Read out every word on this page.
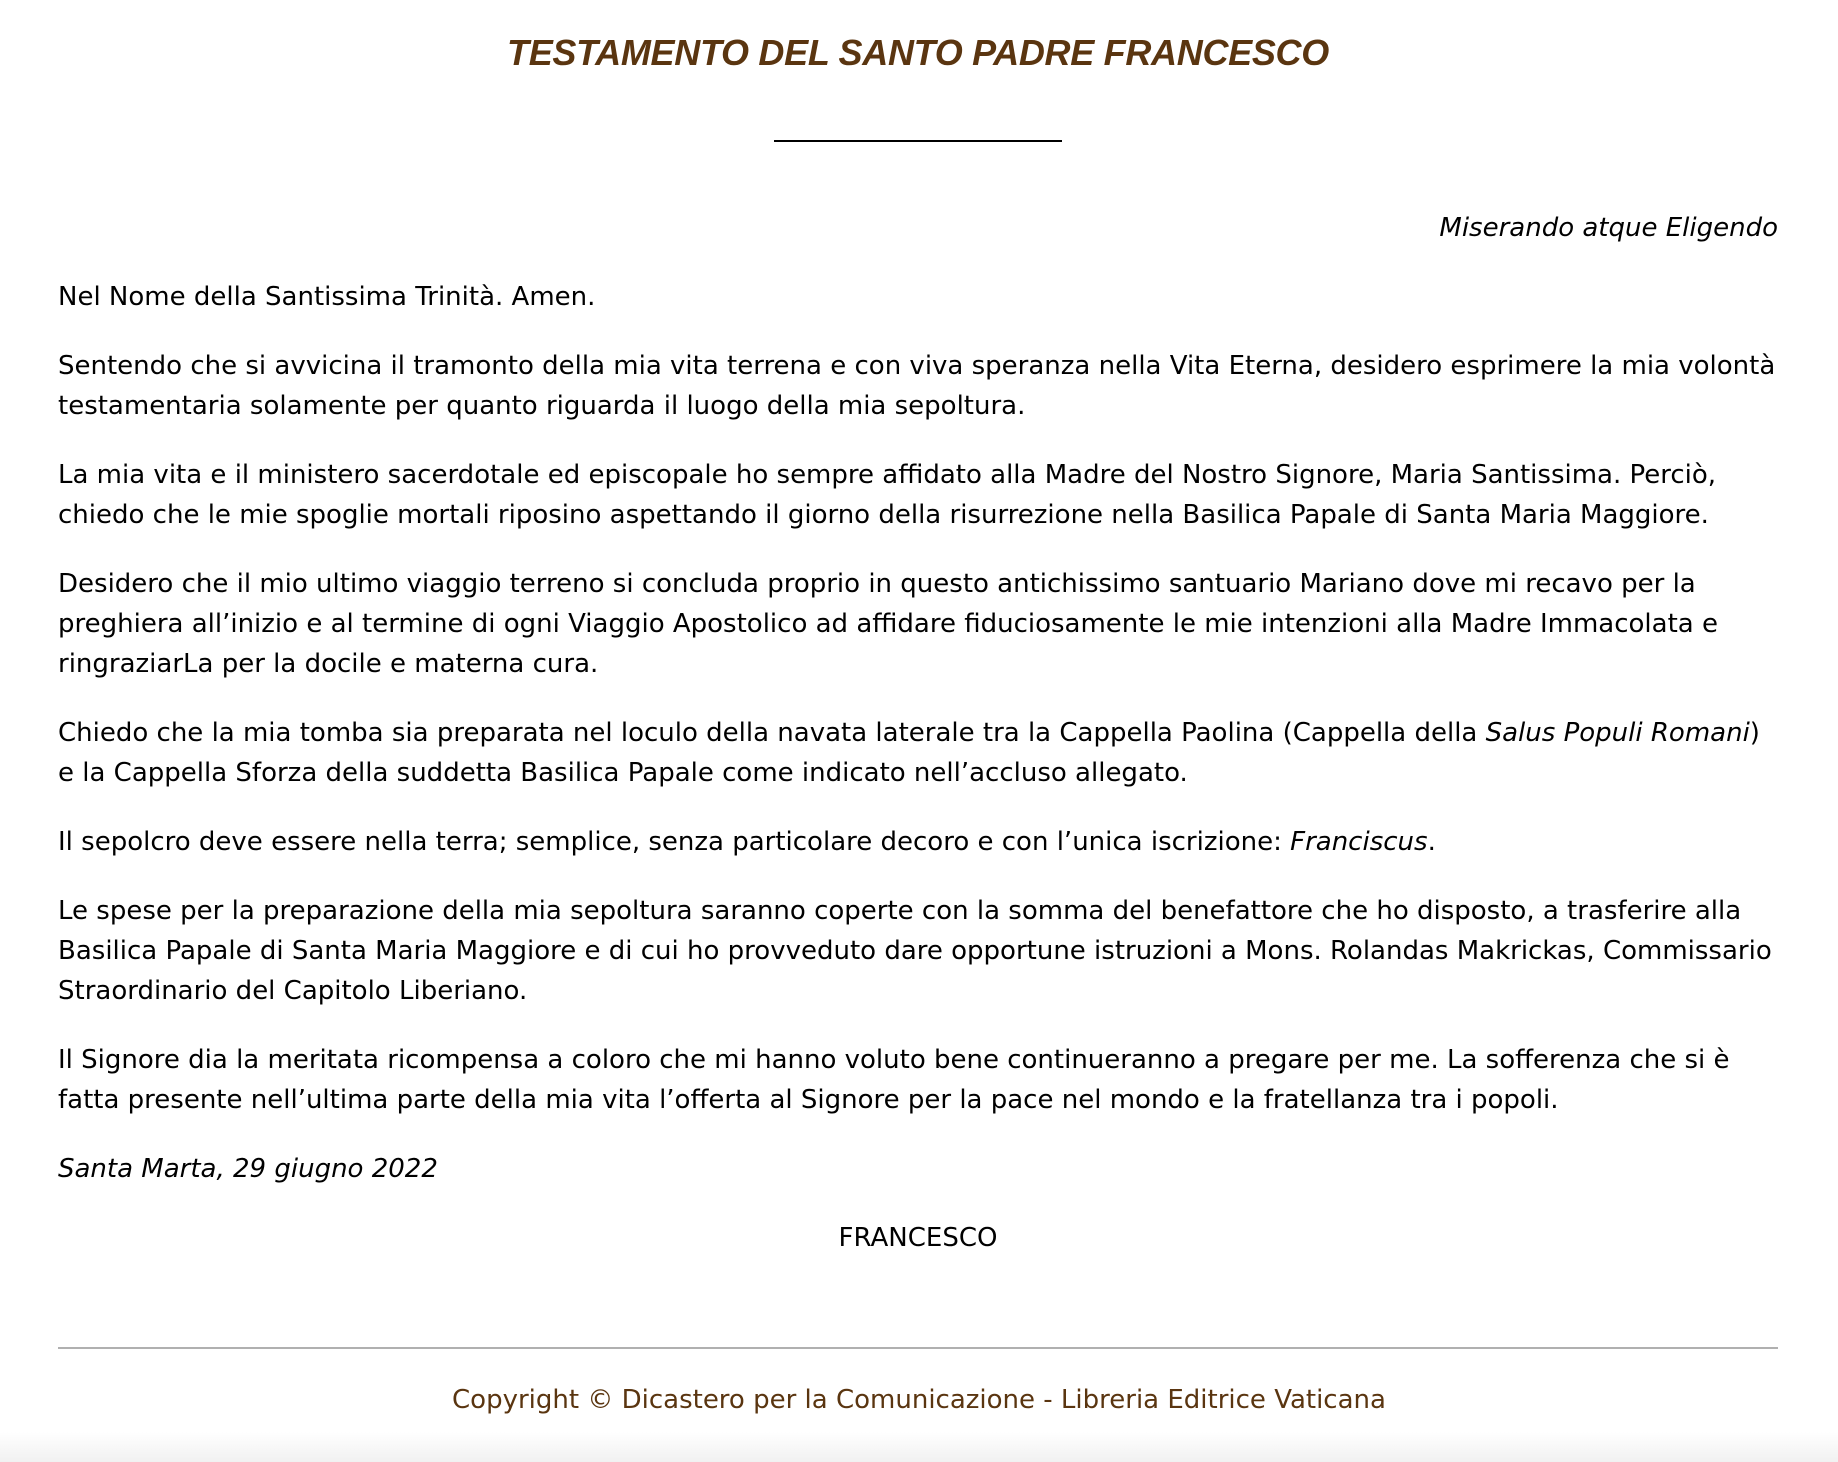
TESTAMENTO DEL SANTO PADRE FRANCESCO

Miserando atque Eligendo

Nel Nome della Santissima Trinità. Amen.

Sentendo che si avvicina il tramonto della mia vita terrena e con viva speranza nella Vita Eterna, desidero esprimere la mia volontà testamentaria solamente per quanto riguarda il luogo della mia sepoltura.

La mia vita e il ministero sacerdotale ed episcopale ho sempre affidato alla Madre del Nostro Signore, Maria Santissima. Perciò, chiedo che le mie spoglie mortali riposino aspettando il giorno della risurrezione nella Basilica Papale di Santa Maria Maggiore.

Desidero che il mio ultimo viaggio terreno si concluda proprio in questo antichissimo santuario Mariano dove mi recavo per la preghiera all’inizio e al termine di ogni Viaggio Apostolico ad affidare fiduciosamente le mie intenzioni alla Madre Immacolata e ringraziarLa per la docile e materna cura.

Chiedo che la mia tomba sia preparata nel loculo della navata laterale tra la Cappella Paolina (Cappella della Salus Populi Romani) e la Cappella Sforza della suddetta Basilica Papale come indicato nell’accluso allegato.

Il sepolcro deve essere nella terra; semplice, senza particolare decoro e con l’unica iscrizione: Franciscus.

Le spese per la preparazione della mia sepoltura saranno coperte con la somma del benefattore che ho disposto, a trasferire alla Basilica Papale di Santa Maria Maggiore e di cui ho provveduto dare opportune istruzioni a Mons. Rolandas Makrickas, Commissario Straordinario del Capitolo Liberiano.

Il Signore dia la meritata ricompensa a coloro che mi hanno voluto bene continueranno a pregare per me. La sofferenza che si è fatta presente nell’ultima parte della mia vita l’offerta al Signore per la pace nel mondo e la fratellanza tra i popoli.

Santa Marta, 29 giugno 2022

FRANCESCO

Copyright © Dicastero per la Comunicazione - Libreria Editrice Vaticana
